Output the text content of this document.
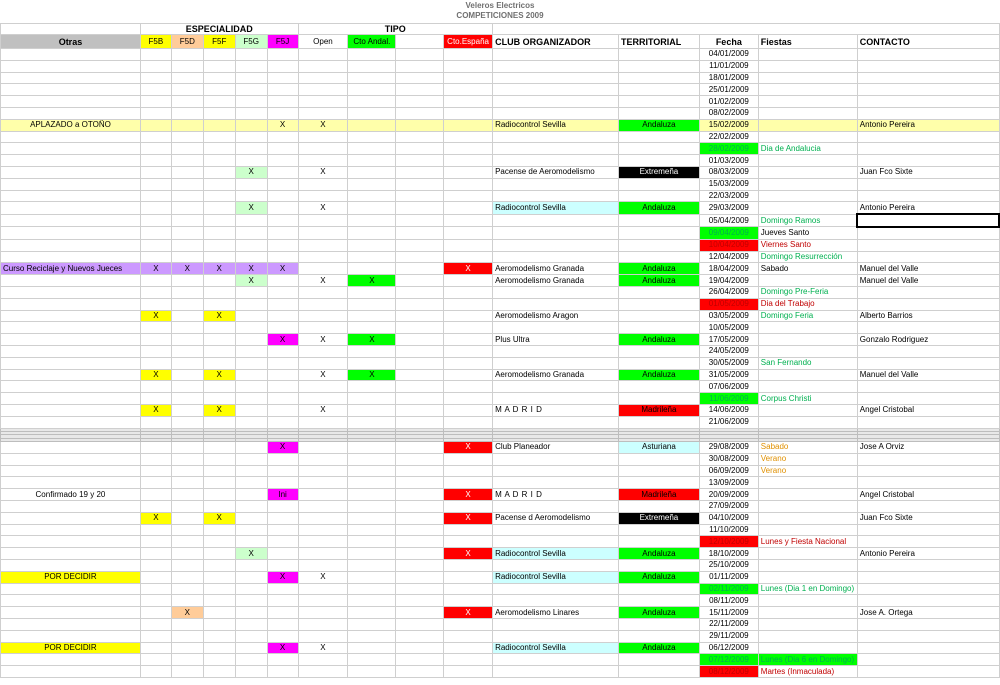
Veleros Electricos
COMPETICIONES 2009
	ESPECIALIDAD					TIPO								
Otras	F5B	F5D	F5F	F5G	F5J	Open	Cto Andal.		Cto.España	CLUB ORGANIZADOR	TERRITORIAL	Fecha	Fiestas	CONTACTO
												04/01/2009		
												11/01/2009		
												18/01/2009		
												25/01/2009		
												01/02/2009		
												08/02/2009		
APLAZADO a OTOÑO					X	X				Radiocontrol Sevilla	Andaluza	15/02/2009		Antonio Pereira
												22/02/2009		
												28/02/2009	Dia de Andalucia	
												01/03/2009		
				X		X				Pacense de Aeromodelismo	Extremeña	08/03/2009		Juan Fco Sixte
												15/03/2009		
												22/03/2009		
				X		X				Radiocontrol Sevilla	Andaluza	29/03/2009		Antonio Pereira
												05/04/2009	Domingo Ramos	
												09/04/2009	Jueves Santo	
												10/04/2009	Viernes Santo	
												12/04/2009	Domingo Resurrección	
Curso Reciclaje y Nuevos Jueces	X	X	X	X	X				X	Aeromodelismo Granada	Andaluza	18/04/2009	Sabado	Manuel del Valle
				X		X	X			Aeromodelismo Granada	Andaluza	19/04/2009		Manuel del Valle
												26/04/2009	Domingo Pre-Feria	
												01/05/2009	Dia del Trabajo	
	X		X							Aeromodelismo Aragon		03/05/2009	Domingo Feria	Alberto Barrios
												10/05/2009		
					X	X	X			Plus Ultra	Andaluza	17/05/2009		Gonzalo Rodriguez
												24/05/2009		
												30/05/2009	San Fernando	
	X		X			X	X			Aeromodelismo Granada	Andaluza	31/05/2009		Manuel del Valle
												07/06/2009		
												11/06/2009	Corpus Christi	
	X		X			X				M A D R I D	Madrileña	14/06/2009		Angel Cristobal
												21/06/2009		

					X				X	Club Planeador	Asturiana	29/08/2009	Sabado	Jose A Orviz
												30/08/2009	Verano	
												06/09/2009	Verano	
												13/09/2009		
Confirmado 19 y 20					Ini				X	M A D R I D	Madrileña	20/09/2009		Angel Cristobal
												27/09/2009		
	X		X						X	Pacense d Aeromodelismo	Extremeña	04/10/2009		Juan Fco Sixte
												11/10/2009		
												12/10/2009	Lunes y Fiesta Nacional	
				X					X	Radiocontrol Sevilla	Andaluza	18/10/2009		Antonio Pereira
												25/10/2009		
POR DECIDIR					X	X				Radiocontrol Sevilla	Andaluza	01/11/2009		
												02/11/2009	Lunes (Dia 1 en Domingo)	
												08/11/2009		
		X							X	Aeromodelismo Linares	Andaluza	15/11/2009		Jose A. Ortega
												22/11/2009		
												29/11/2009		
POR DECIDIR					X	X				Radiocontrol Sevilla	Andaluza	06/12/2009		
												07/12/2009	Lunes (Dia 6 en Domingo)	
												08/12/2009	Martes (Inmaculada)	
